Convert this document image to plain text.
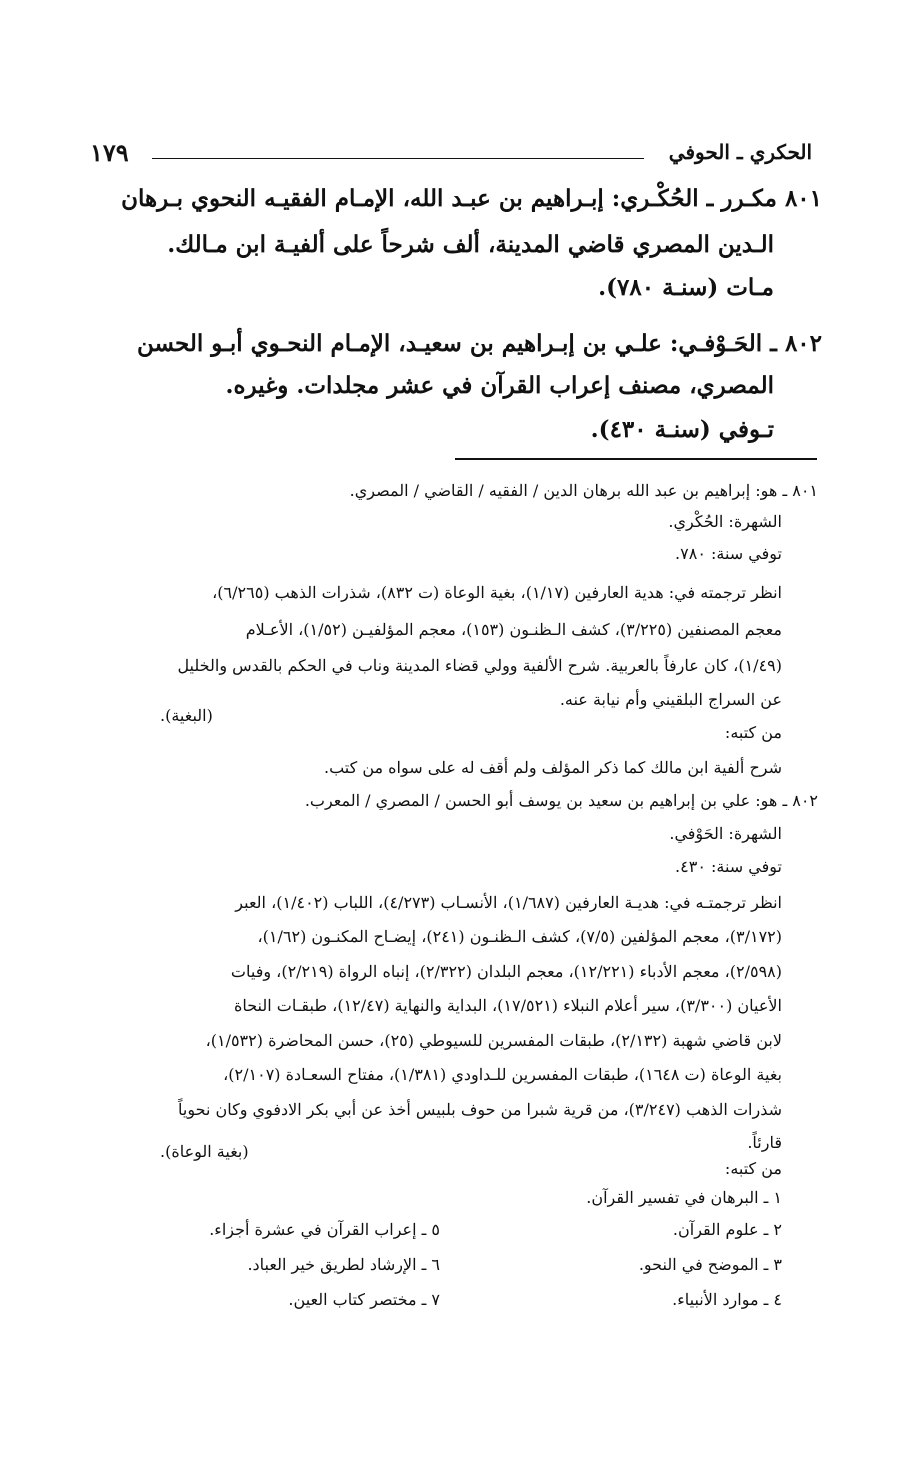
الحكري ـ الحوفي
١٧٩

٨٠١ مكـرر ـ الحُكْـري: إبـراهيم بن عبـد الله، الإمـام الفقيـه النحوي بـرهان

الـدين المصري قاضي المدينة، ألف شرحاً على ألفيـة ابن مـالك.

مـات (سنـة ٧٨٠).

٨٠٢ ـ الحَـوْفـي: علـي بن إبـراهيم بن سعيـد، الإمـام النحـوي أبـو الحسن

المصري، مصنف إعراب القرآن في عشر مجلدات. وغيره.

تـوفي (سنـة ٤٣٠).

٨٠١ ـ هو: إبراهيم بن عبد الله برهان الدين / الفقيه / القاضي / المصري.
الشهرة: الحُكْري.
توفي سنة: ٧٨٠.
انظر ترجمته في: هدية العارفين (١/١٧)، بغية الوعاة (ت ٨٣٢)، شذرات الذهب (٦/٢٦٥)،
معجم المصنفين (٣/٢٢٥)، كشف الـظنـون (١٥٣)، معجم المؤلفيـن (١/٥٢)، الأعـلام
(١/٤٩)، كان عارفاً بالعربية. شرح الألفية وولي قضاء المدينة وناب في الحكم بالقدس والخليل
عن السراج البلقيني وأم نيابة عنه.
(البغية).
من كتبه:
شرح ألفية ابن مالك كما ذكر المؤلف ولم أقف له على سواه من كتب.
٨٠٢ ـ هو: علي بن إبراهيم بن سعيد بن يوسف أبو الحسن / المصري / المعرب.
الشهرة: الحَوْفي.
توفي سنة: ٤٣٠.
انظر ترجمتـه في: هديـة العارفين (١/٦٨٧)، الأنسـاب (٤/٢٧٣)، اللباب (١/٤٠٢)، العبر
(٣/١٧٢)، معجم المؤلفين (٧/٥)، كشف الـظنـون (٢٤١)، إيضـاح المكنـون (١/٦٢)،
(٢/٥٩٨)، معجم الأدباء (١٢/٢٢١)، معجم البلدان (٢/٣٢٢)، إنباه الرواة (٢/٢١٩)، وفيات
الأعيان (٣/٣٠٠)، سير أعلام النبلاء (١٧/٥٢١)، البداية والنهاية (١٢/٤٧)، طبقـات النحاة
لابن قاضي شهبة (٢/١٣٢)، طبقات المفسرين للسيوطي (٢٥)، حسن المحاضرة (١/٥٣٢)،
بغية الوعاة (ت ١٦٤٨)، طبقات المفسرين للـداودي (١/٣٨١)، مفتاح السعـادة (٢/١٠٧)،
شذرات الذهب (٣/٢٤٧)، من قرية شبرا من حوف بلبيس أخذ عن أبي بكر الادفوي وكان نحوياً
قارئاً.
(بغية الوعاة).
من كتبه:
١ ـ البرهان في تفسير القرآن.
٢ ـ علوم القرآن.
٣ ـ الموضح في النحو.
٤ ـ موارد الأنبياء.
٥ ـ إعراب القرآن في عشرة أجزاء.
٦ ـ الإرشاد لطريق خير العباد.
٧ ـ مختصر كتاب العين.
